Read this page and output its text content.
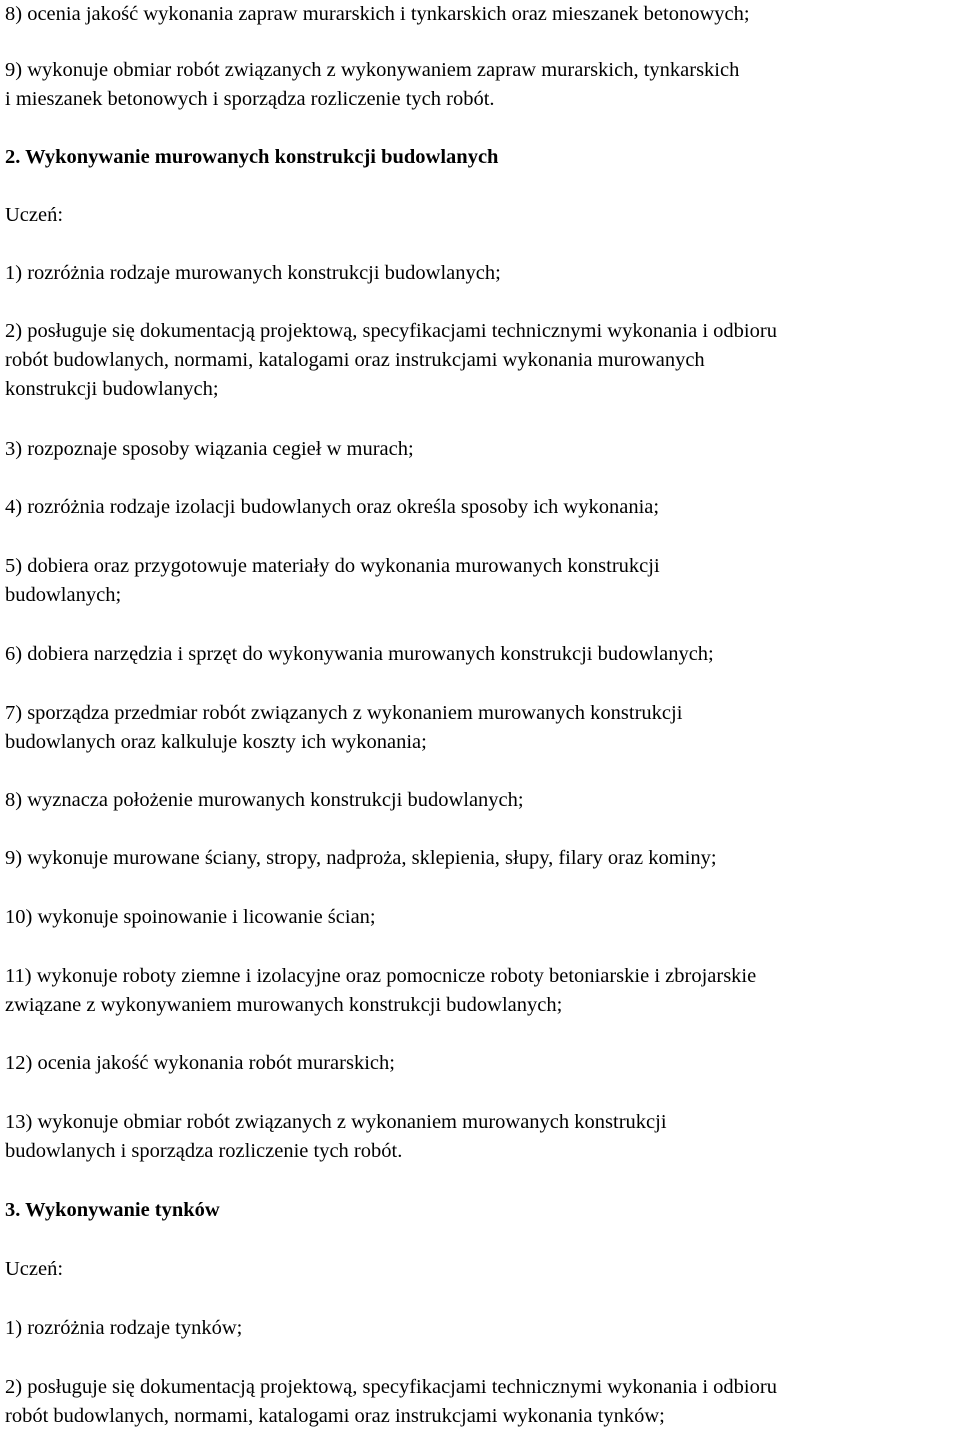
8) ocenia jakość wykonania zapraw murarskich i tynkarskich oraz mieszanek betonowych;

9) wykonuje obmiar robót związanych z wykonywaniem zapraw murarskich, tynkarskich

i mieszanek betonowych i sporządza rozliczenie tych robót.

2. Wykonywanie murowanych konstrukcji budowlanych

Uczeń:

1) rozróżnia rodzaje murowanych konstrukcji budowlanych;

2) posługuje się dokumentacją projektową, specyfikacjami technicznymi wykonania i odbioru

robót budowlanych, normami, katalogami oraz instrukcjami wykonania murowanych

konstrukcji budowlanych;

3) rozpoznaje sposoby wiązania cegieł w murach;

4) rozróżnia rodzaje izolacji budowlanych oraz określa sposoby ich wykonania;

5) dobiera oraz przygotowuje materiały do wykonania murowanych konstrukcji

budowlanych;

6) dobiera narzędzia i sprzęt do wykonywania murowanych konstrukcji budowlanych;

7) sporządza przedmiar robót związanych z wykonaniem murowanych konstrukcji

budowlanych oraz kalkuluje koszty ich wykonania;

8) wyznacza położenie murowanych konstrukcji budowlanych;

9) wykonuje murowane ściany, stropy, nadproża, sklepienia, słupy, filary oraz kominy;

10) wykonuje spoinowanie i licowanie ścian;

11) wykonuje roboty ziemne i izolacyjne oraz pomocnicze roboty betoniarskie i zbrojarskie

związane z wykonywaniem murowanych konstrukcji budowlanych;

12) ocenia jakość wykonania robót murarskich;

13) wykonuje obmiar robót związanych z wykonaniem murowanych konstrukcji

budowlanych i sporządza rozliczenie tych robót.

3. Wykonywanie tynków

Uczeń:

1) rozróżnia rodzaje tynków;

2) posługuje się dokumentacją projektową, specyfikacjami technicznymi wykonania i odbioru

robót budowlanych, normami, katalogami oraz instrukcjami wykonania tynków;
